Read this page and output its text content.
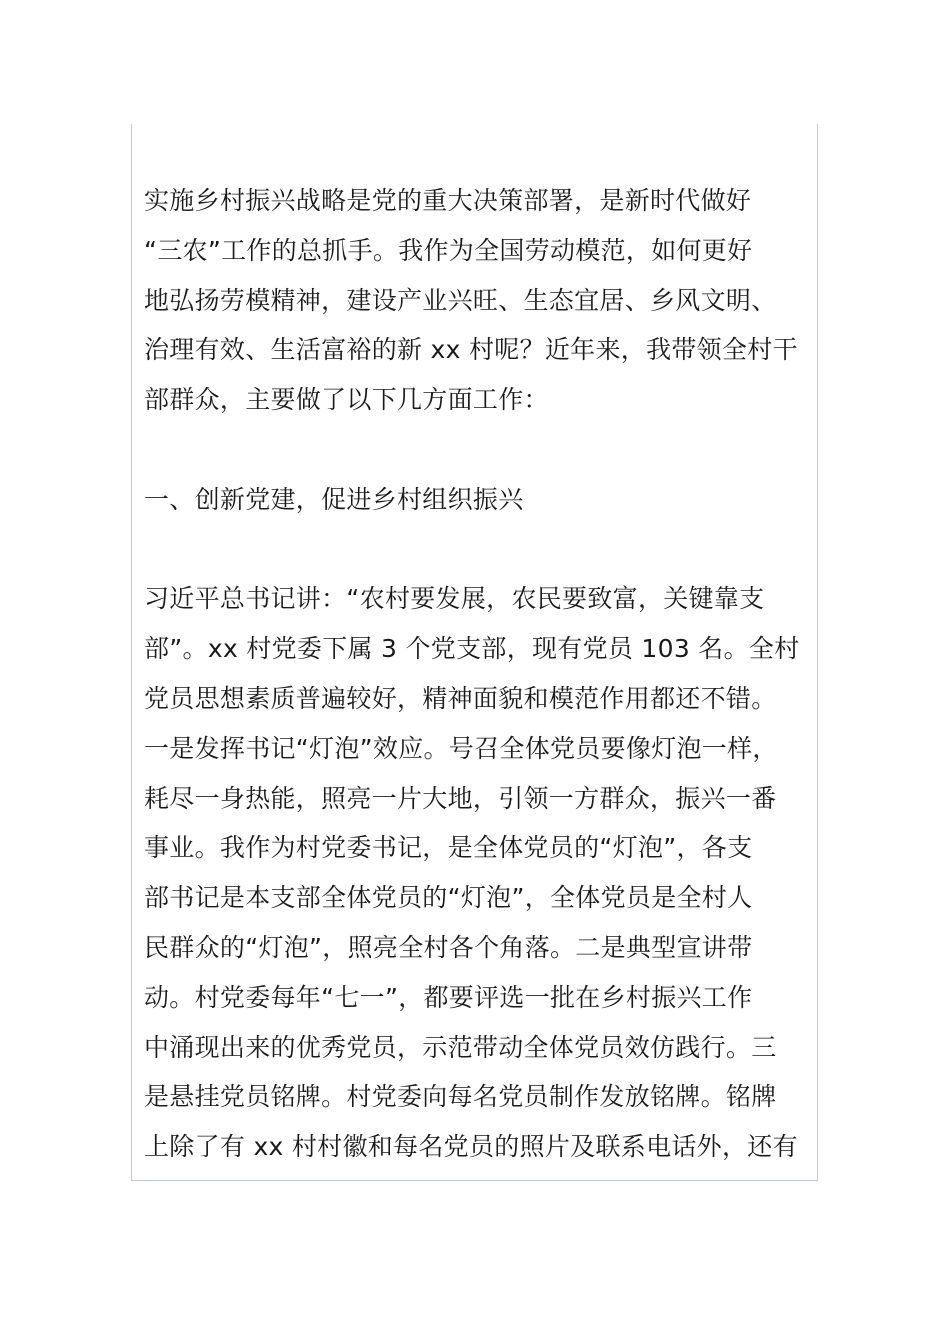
实施乡村振兴战略是党的重大决策部署，是新时代做好
“三农”工作的总抓手。我作为全国劳动模范，如何更好
地弘扬劳模精神，建设产业兴旺、生态宜居、乡风文明、
治理有效、生活富裕的新 xx 村呢？近年来，我带领全村干
部群众，主要做了以下几方面工作：
一、创新党建，促进乡村组织振兴
习近平总书记讲：“农村要发展，农民要致富，关键靠支
部”。xx 村党委下属 3 个党支部，现有党员 103 名。全村
党员思想素质普遍较好，精神面貌和模范作用都还不错。
一是发挥书记“灯泡”效应。号召全体党员要像灯泡一样，
耗尽一身热能，照亮一片大地，引领一方群众，振兴一番
事业。我作为村党委书记，是全体党员的“灯泡”，各支
部书记是本支部全体党员的“灯泡”，全体党员是全村人
民群众的“灯泡”，照亮全村各个角落。二是典型宣讲带
动。村党委每年“七一”，都要评选一批在乡村振兴工作
中涌现出来的优秀党员，示范带动全体党员效仿践行。三
是悬挂党员铭牌。村党委向每名党员制作发放铭牌。铭牌
上除了有 xx 村村徽和每名党员的照片及联系电话外，还有
